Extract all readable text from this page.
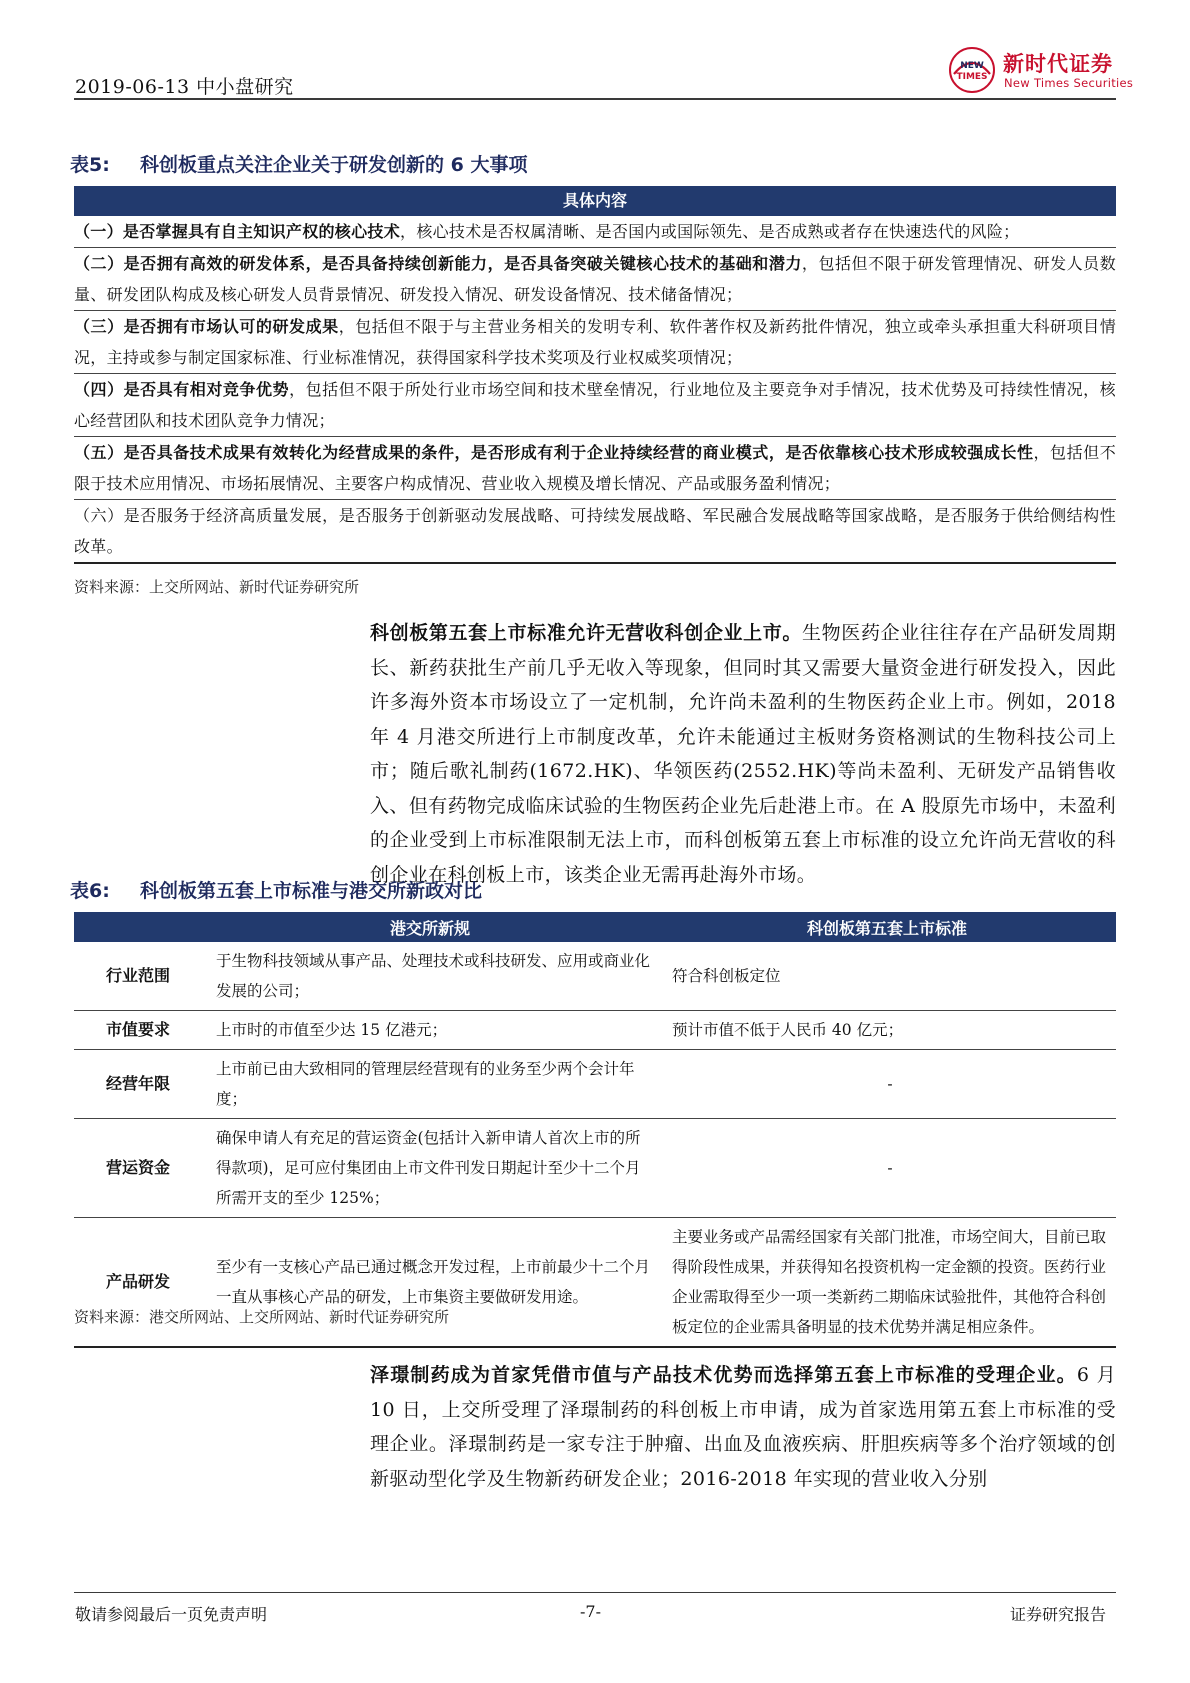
2019-06-13 中小盘研究
NEW
TIMES
新时代证券
New Times Securities
表5: 科创板重点关注企业关于研发创新的 6 大事项
具体内容
（一）是否掌握具有自主知识产权的核心技术，核心技术是否权属清晰、是否国内或国际领先、是否成熟或者存在快速迭代的风险；
（二）是否拥有高效的研发体系，是否具备持续创新能力，是否具备突破关键核心技术的基础和潜力，包括但不限于研发管理情况、研发人员数量、研发团队构成及核心研发人员背景情况、研发投入情况、研发设备情况、技术储备情况；
（三）是否拥有市场认可的研发成果，包括但不限于与主营业务相关的发明专利、软件著作权及新药批件情况，独立或牵头承担重大科研项目情况，主持或参与制定国家标准、行业标准情况，获得国家科学技术奖项及行业权威奖项情况；
（四）是否具有相对竞争优势，包括但不限于所处行业市场空间和技术壁垒情况，行业地位及主要竞争对手情况，技术优势及可持续性情况，核心经营团队和技术团队竞争力情况；
（五）是否具备技术成果有效转化为经营成果的条件，是否形成有利于企业持续经营的商业模式，是否依靠核心技术形成较强成长性，包括但不限于技术应用情况、市场拓展情况、主要客户构成情况、营业收入规模及增长情况、产品或服务盈利情况；
（六）是否服务于经济高质量发展，是否服务于创新驱动发展战略、可持续发展战略、军民融合发展战略等国家战略，是否服务于供给侧结构性改革。
资料来源：上交所网站、新时代证券研究所
科创板第五套上市标准允许无营收科创企业上市。生物医药企业往往存在产品研发周期长、新药获批生产前几乎无收入等现象，但同时其又需要大量资金进行研发投入，因此许多海外资本市场设立了一定机制，允许尚未盈利的生物医药企业上市。例如，2018 年 4 月港交所进行上市制度改革，允许未能通过主板财务资格测试的生物科技公司上市；随后歌礼制药(1672.HK)、华领医药(2552.HK)等尚未盈利、无研发产品销售收入、但有药物完成临床试验的生物医药企业先后赴港上市。在 A 股原先市场中，未盈利的企业受到上市标准限制无法上市，而科创板第五套上市标准的设立允许尚无营收的科创企业在科创板上市，该类企业无需再赴海外市场。
表6: 科创板第五套上市标准与港交所新政对比
	港交所新规	科创板第五套上市标准
行业范围	于生物科技领域从事产品、处理技术或科技研发、应用或商业化发展的公司；	符合科创板定位
市值要求	上市时的市值至少达 15 亿港元；	预计市值不低于人民币 40 亿元；
经营年限	上市前已由大致相同的管理层经营现有的业务至少两个会计年度；	-
营运资金	确保申请人有充足的营运资金(包括计入新申请人首次上市的所得款项)，足可应付集团由上市文件刊发日期起计至少十二个月所需开支的至少 125%；	-
产品研发	至少有一支核心产品已通过概念开发过程，上市前最少十二个月一直从事核心产品的研发，上市集资主要做研发用途。	主要业务或产品需经国家有关部门批准，市场空间大，目前已取得阶段性成果，并获得知名投资机构一定金额的投资。医药行业企业需取得至少一项一类新药二期临床试验批件，其他符合科创板定位的企业需具备明显的技术优势并满足相应条件。
资料来源：港交所网站、上交所网站、新时代证券研究所
泽璟制药成为首家凭借市值与产品技术优势而选择第五套上市标准的受理企业。6 月 10 日，上交所受理了泽璟制药的科创板上市申请，成为首家选用第五套上市标准的受理企业。泽璟制药是一家专注于肿瘤、出血及血液疾病、肝胆疾病等多个治疗领域的创新驱动型化学及生物新药研发企业；2016-2018 年实现的营业收入分别
敬请参阅最后一页免责声明	-7-	证券研究报告
